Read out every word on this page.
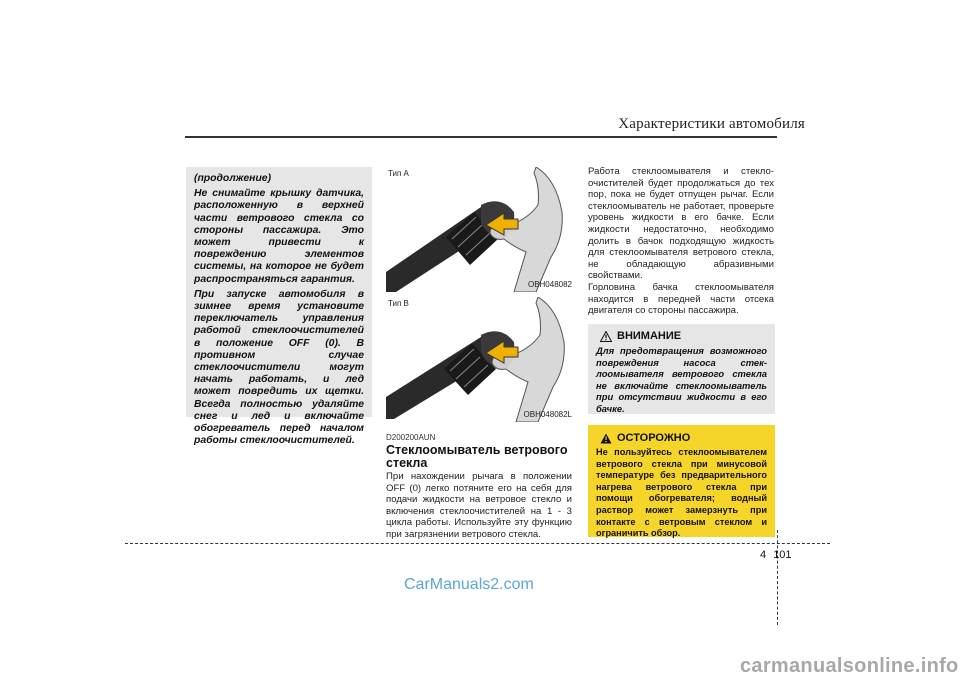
Характеристики автомобиля

(продолжение)

Не снимайте крышку датчика, расположенную в верхней части ветрового стекла со стороны пассажира. Это может привести к повреждению элементов системы, на которое не будет распространяться гарантия.

При запуске автомобиля в зимнее время установите переключатель управления работой стеклоочистителей в положение OFF (0). В противном случае стеклоочистители могут начать работать, и лед может повредить их щетки. Всегда полностью удаляйте снег и лед и включайте обогреватель перед началом работы стеклоочистителей.

Тип А
OBH048082
Тип B
OBH048082L
D200200AUN
Стеклоомыватель ветрового стекла

При нахождении рычага в положении OFF (0) легко потяните его на себя для подачи жидкости на ветровое стекло и включения стеклоочистителей на 1 - 3 цикла работы. Используйте эту функцию при загрязнении ветрового стекла.

Работа стеклоомывателя и стекло-очистителей будет продолжаться до тех пор, пока не будет отпущен рычаг. Если стеклоомыватель не работает, проверьте уровень жидкости в его бачке. Если жидкости недостаточно, необходимо долить в бачок подходящую жидкость для стеклоомывателя ветрового стекла, не обладающую абразивными свойствами.

Горловина бачка стеклоомывателя находится в передней части отсека двигателя со стороны пассажира.

ВНИМАНИЕ

Для предотвращения возможного повреждения насоса стек-лоомывателя ветрового стекла не включайте стеклоомыватель при отсутствии жидкости в его бачке.

ОСТОРОЖНО

Не пользуйтесь стеклоомывателем ветрового стекла при минусовой температуре без предварительного нагрева ветрового стекла при помощи обогревателя; водный раствор может замерзнуть при контакте с ветровым стеклом и ограничить обзор.

4 101
CarManuals2.com
carmanualsonline.info
